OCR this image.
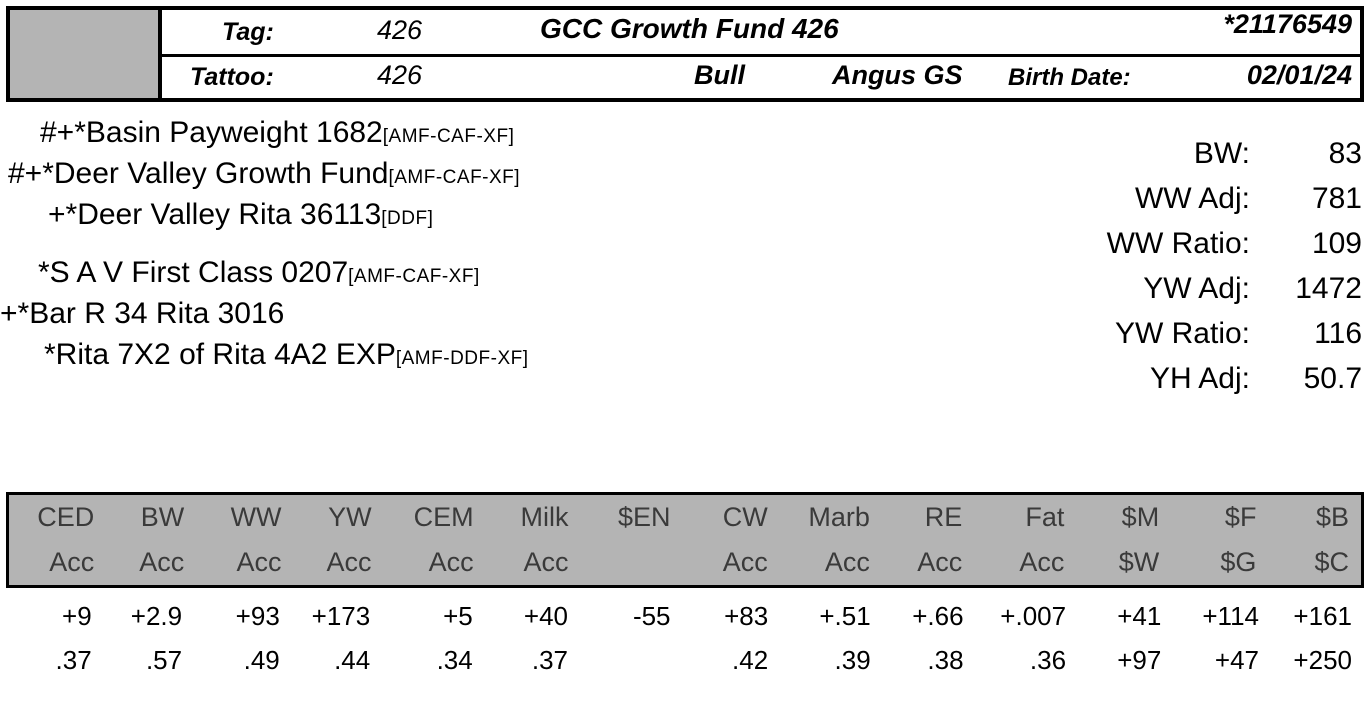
Tag:	426	GCC Growth Fund 426	*21176549
Tattoo:	426	Bull	Angus GS Birth Date:	02/01/24
#+*Basin Payweight 1682[AMF-CAF-XF]
#+*Deer Valley Growth Fund[AMF-CAF-XF]
+*Deer Valley Rita 36113[DDF]
*S A V First Class 0207[AMF-CAF-XF]
+*Bar R 34 Rita 3016
*Rita 7X2 of Rita 4A2 EXP[AMF-DDF-XF]
BW:	83
WW Adj:	781
WW Ratio:	109
YW Adj:	1472
YW Ratio:	116
YH Adj:	50.7
CED	BW	WW	YW	CEM	Milk	$EN	CW	Marb	RE	Fat	$M	$F	$B
Acc	Acc	Acc	Acc	Acc	Acc		Acc	Acc	Acc	Acc	$W	$G	$C
+9	+2.9	+93	+173	+5	+40	-55	+83	+.51	+.66	+.007	+41	+114	+161
.37	.57	.49	.44	.34	.37		.42	.39	.38	.36	+97	+47	+250
